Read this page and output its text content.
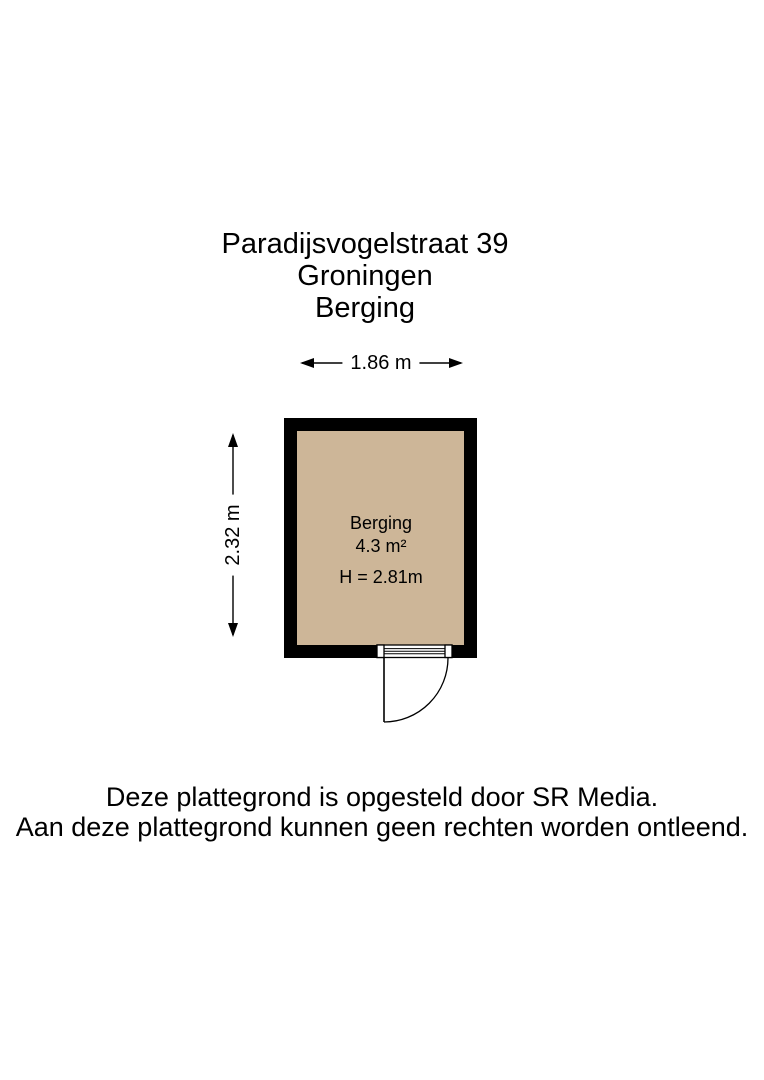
Paradijsvogelstraat 39
Groningen
Berging
1.86 m
2.32 m	Berging
4.3 m²
H = 2.81m
Deze plattegrond is opgesteld door SR Media.
Aan deze plattegrond kunnen geen rechten worden ontleend.
